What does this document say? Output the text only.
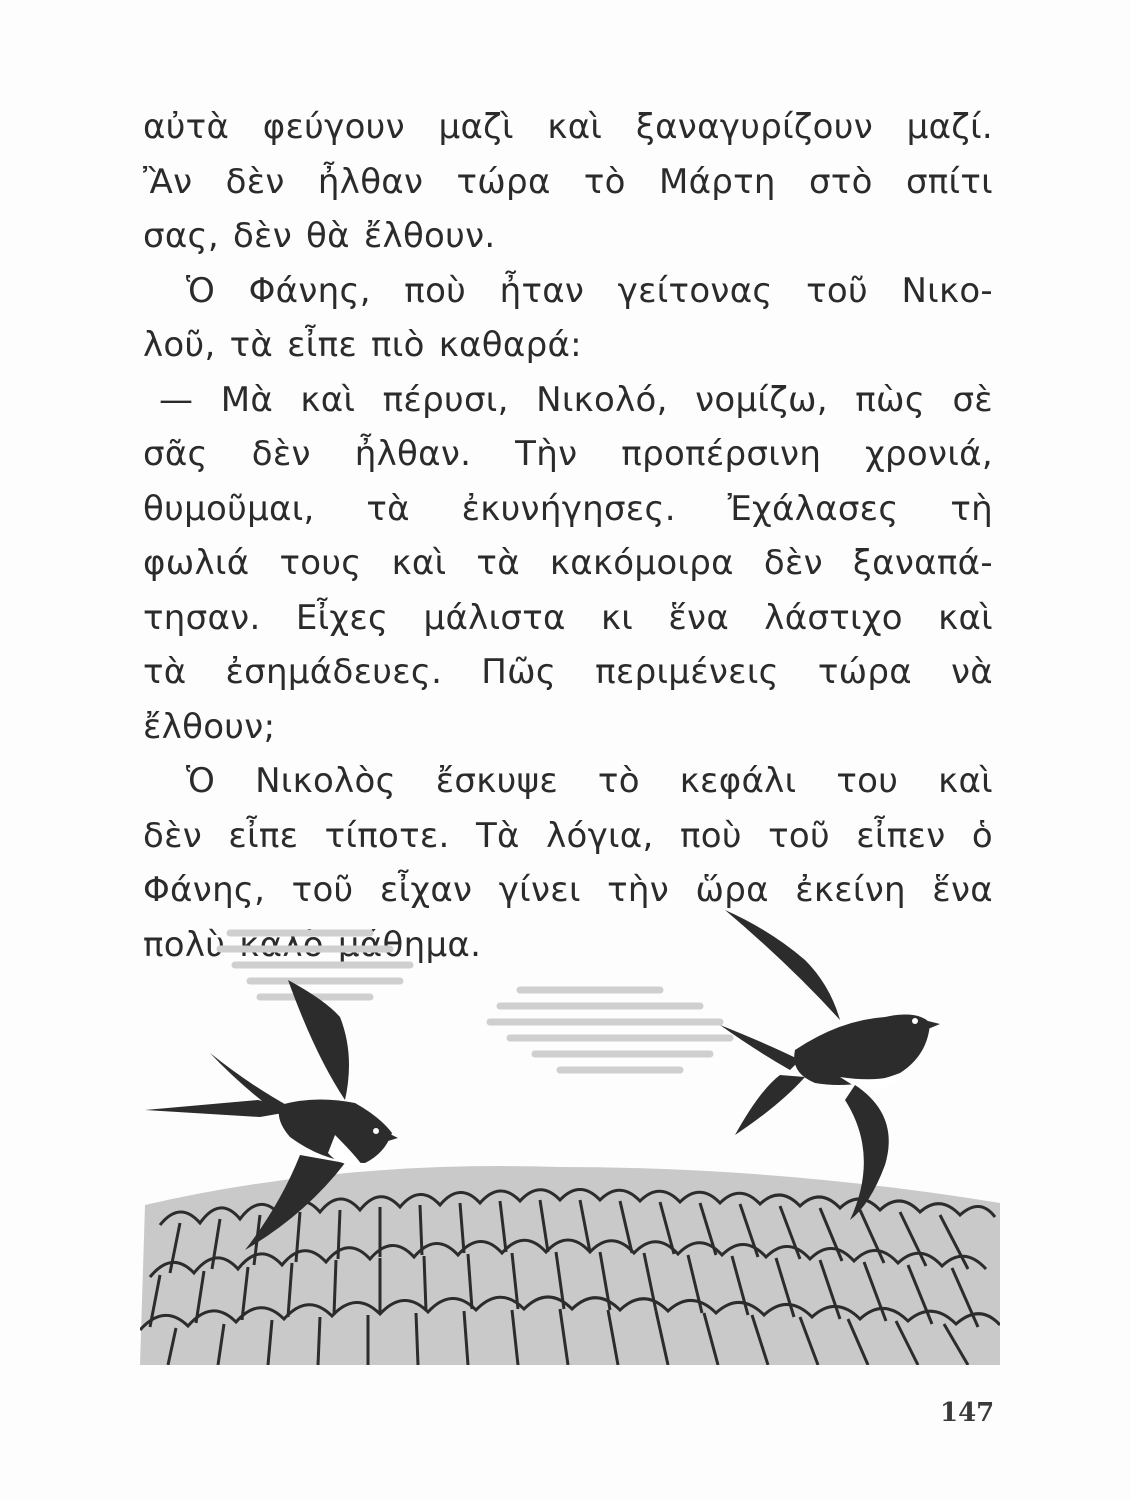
αὐτὰ φεύγουν μαζὶ καὶ ξαναγυρίζουν μαζί.
Ἂν δὲν ἦλθαν τώρα τὸ Μάρτη στὸ σπίτι
σας, δὲν θὰ ἔλθουν.
Ὁ Φάνης, ποὺ ἦταν γείτονας τοῦ Νικο-
λοῦ, τὰ εἶπε πιὸ καθαρά:
— Μὰ καὶ πέρυσι, Νικολό, νομίζω, πὼς σὲ
σᾶς δὲν ἦλθαν. Τὴν προπέρσινη χρονιά,
θυμοῦμαι, τὰ ἐκυνήγησες. Ἐχάλασες τὴ
φωλιά τους καὶ τὰ κακόμοιρα δὲν ξαναπά-
τησαν. Εἶχες μάλιστα κι ἕνα λάστιχο καὶ
τὰ ἐσημάδευες. Πῶς περιμένεις τώρα νὰ
ἔλθουν;
Ὁ Νικολὸς ἔσκυψε τὸ κεφάλι του καὶ
δὲν εἶπε τίποτε. Τὰ λόγια, ποὺ τοῦ εἶπεν ὁ
Φάνης, τοῦ εἶχαν γίνει τὴν ὥρα ἐκείνη ἕνα
πολὺ καλὸ μάθημα.
147
